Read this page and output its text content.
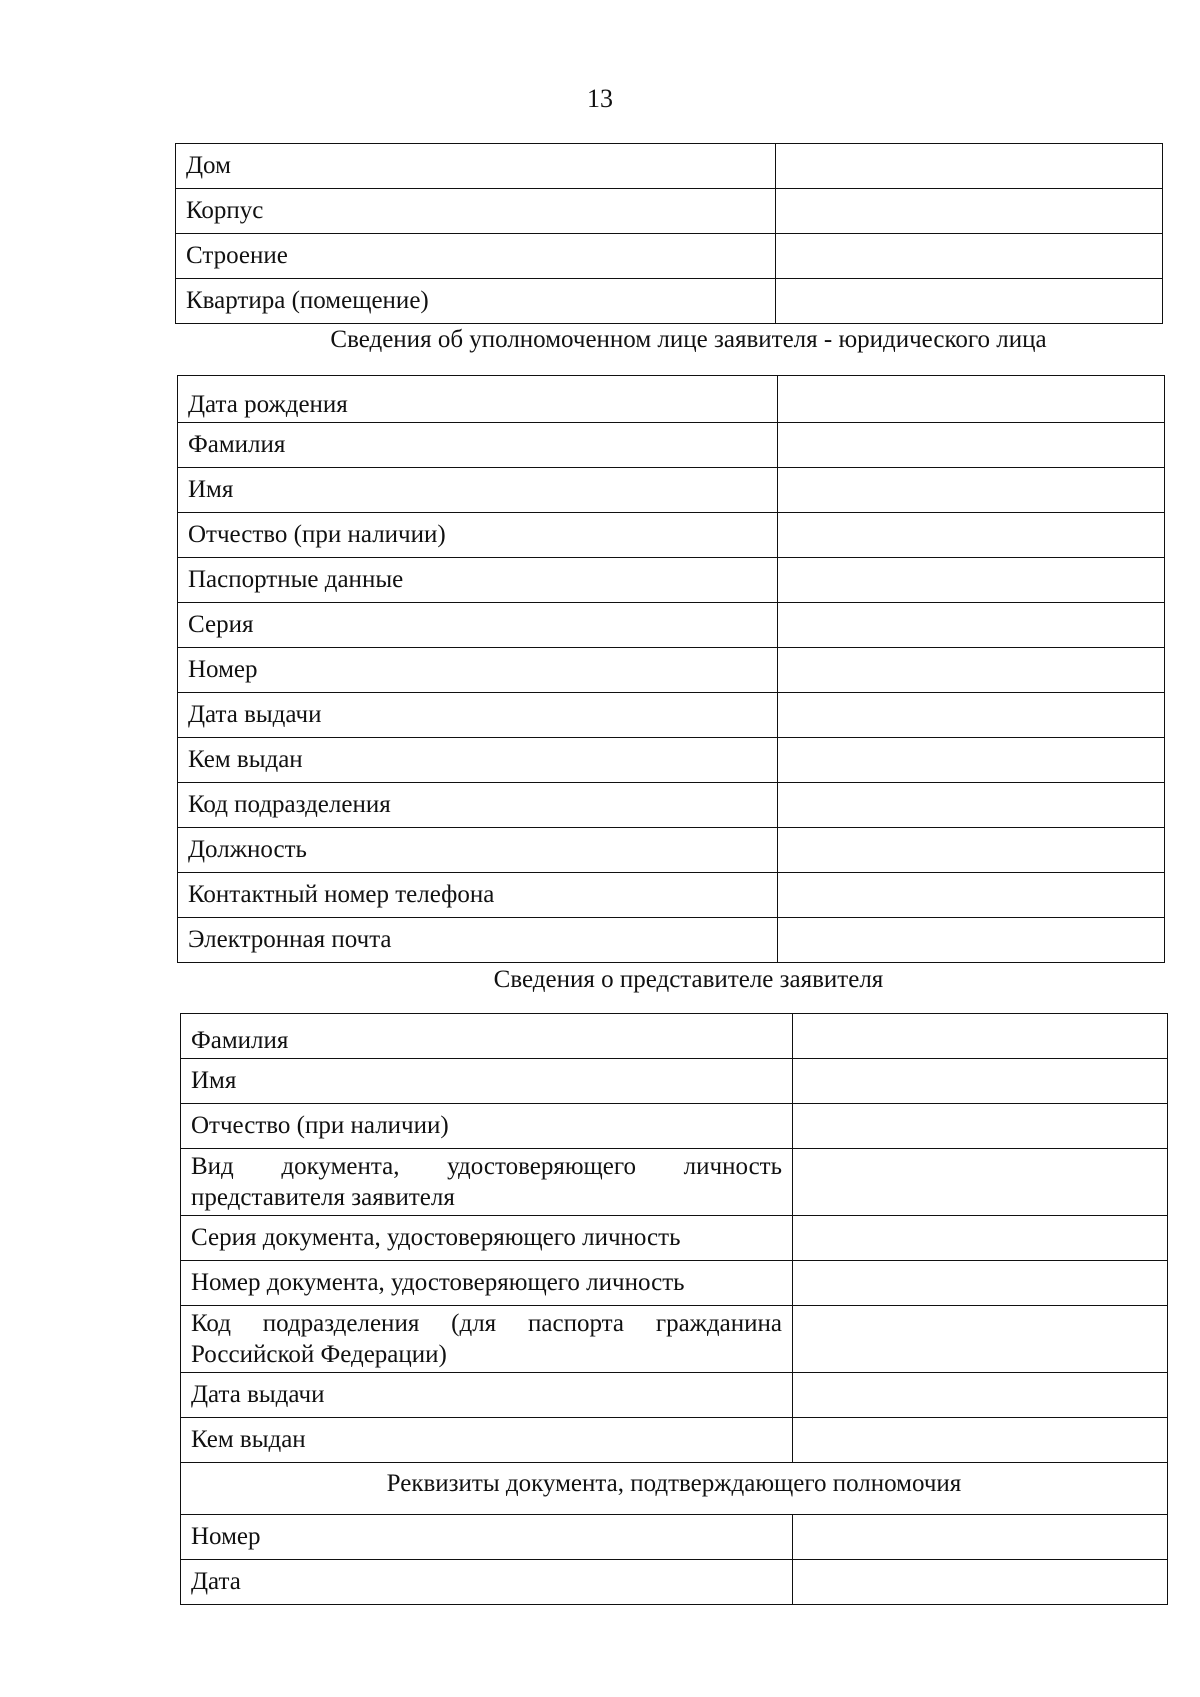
13
Дом	
Корпус	
Строение	
Квартира (помещение)	
Сведения об уполномоченном лице заявителя - юридического лица
Дата рождения	
Фамилия	
Имя	
Отчество (при наличии)	
Паспортные данные	
Серия	
Номер	
Дата выдачи	
Кем выдан	
Код подразделения	
Должность	
Контактный номер телефона	
Электронная почта	
Сведения о представителе заявителя
Фамилия	
Имя	
Отчество (при наличии)	
Вид документа, удостоверяющего личность представителя заявителя	
Серия документа, удостоверяющего личность	
Номер документа, удостоверяющего личность	
Код подразделения (для паспорта гражданина Российской Федерации)	
Дата выдачи	
Кем выдан	
Реквизиты документа, подтверждающего полномочия	
Номер	
Дата	
